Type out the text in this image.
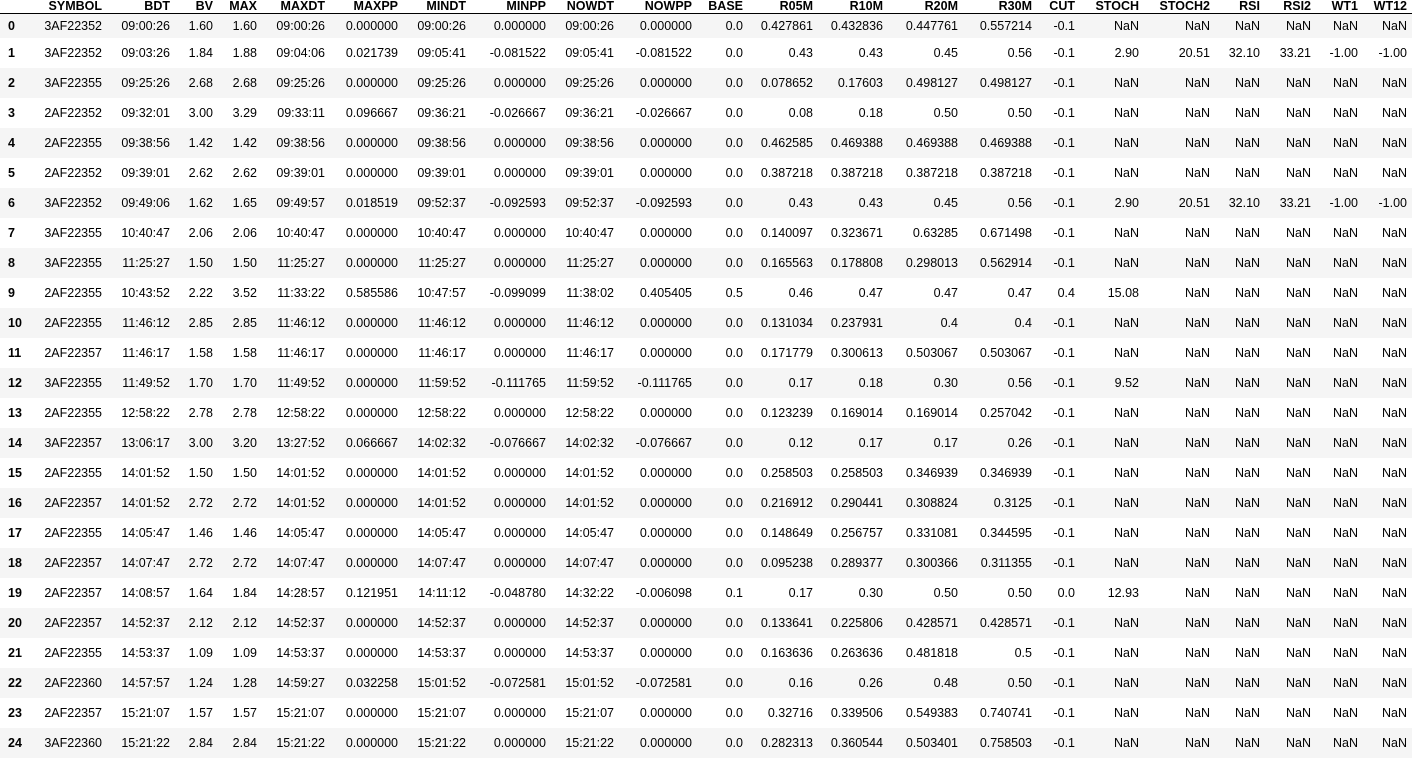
	SYMBOL	BDT	BV	MAX	MAXDT	MAXPP	MINDT	MINPP	NOWDT	NOWPP	BASE	R05M	R10M	R20M	R30M	CUT	STOCH	STOCH2	RSI	RSI2	WT1	WT12
0	3AF22352	09:00:26	1.60	1.60	09:00:26	0.000000	09:00:26	0.000000	09:00:26	0.000000	0.0	0.427861	0.432836	0.447761	0.557214	-0.1	NaN	NaN	NaN	NaN	NaN	NaN
1	3AF22352	09:03:26	1.84	1.88	09:04:06	0.021739	09:05:41	-0.081522	09:05:41	-0.081522	0.0	0.43	0.43	0.45	0.56	-0.1	2.90	20.51	32.10	33.21	-1.00	-1.00
2	3AF22355	09:25:26	2.68	2.68	09:25:26	0.000000	09:25:26	0.000000	09:25:26	0.000000	0.0	0.078652	0.17603	0.498127	0.498127	-0.1	NaN	NaN	NaN	NaN	NaN	NaN
3	2AF22352	09:32:01	3.00	3.29	09:33:11	0.096667	09:36:21	-0.026667	09:36:21	-0.026667	0.0	0.08	0.18	0.50	0.50	-0.1	NaN	NaN	NaN	NaN	NaN	NaN
4	2AF22355	09:38:56	1.42	1.42	09:38:56	0.000000	09:38:56	0.000000	09:38:56	0.000000	0.0	0.462585	0.469388	0.469388	0.469388	-0.1	NaN	NaN	NaN	NaN	NaN	NaN
5	2AF22352	09:39:01	2.62	2.62	09:39:01	0.000000	09:39:01	0.000000	09:39:01	0.000000	0.0	0.387218	0.387218	0.387218	0.387218	-0.1	NaN	NaN	NaN	NaN	NaN	NaN
6	3AF22352	09:49:06	1.62	1.65	09:49:57	0.018519	09:52:37	-0.092593	09:52:37	-0.092593	0.0	0.43	0.43	0.45	0.56	-0.1	2.90	20.51	32.10	33.21	-1.00	-1.00
7	3AF22355	10:40:47	2.06	2.06	10:40:47	0.000000	10:40:47	0.000000	10:40:47	0.000000	0.0	0.140097	0.323671	0.63285	0.671498	-0.1	NaN	NaN	NaN	NaN	NaN	NaN
8	3AF22355	11:25:27	1.50	1.50	11:25:27	0.000000	11:25:27	0.000000	11:25:27	0.000000	0.0	0.165563	0.178808	0.298013	0.562914	-0.1	NaN	NaN	NaN	NaN	NaN	NaN
9	2AF22355	10:43:52	2.22	3.52	11:33:22	0.585586	10:47:57	-0.099099	11:38:02	0.405405	0.5	0.46	0.47	0.47	0.47	0.4	15.08	NaN	NaN	NaN	NaN	NaN
10	2AF22355	11:46:12	2.85	2.85	11:46:12	0.000000	11:46:12	0.000000	11:46:12	0.000000	0.0	0.131034	0.237931	0.4	0.4	-0.1	NaN	NaN	NaN	NaN	NaN	NaN
11	2AF22357	11:46:17	1.58	1.58	11:46:17	0.000000	11:46:17	0.000000	11:46:17	0.000000	0.0	0.171779	0.300613	0.503067	0.503067	-0.1	NaN	NaN	NaN	NaN	NaN	NaN
12	3AF22355	11:49:52	1.70	1.70	11:49:52	0.000000	11:59:52	-0.111765	11:59:52	-0.111765	0.0	0.17	0.18	0.30	0.56	-0.1	9.52	NaN	NaN	NaN	NaN	NaN
13	2AF22355	12:58:22	2.78	2.78	12:58:22	0.000000	12:58:22	0.000000	12:58:22	0.000000	0.0	0.123239	0.169014	0.169014	0.257042	-0.1	NaN	NaN	NaN	NaN	NaN	NaN
14	3AF22357	13:06:17	3.00	3.20	13:27:52	0.066667	14:02:32	-0.076667	14:02:32	-0.076667	0.0	0.12	0.17	0.17	0.26	-0.1	NaN	NaN	NaN	NaN	NaN	NaN
15	2AF22355	14:01:52	1.50	1.50	14:01:52	0.000000	14:01:52	0.000000	14:01:52	0.000000	0.0	0.258503	0.258503	0.346939	0.346939	-0.1	NaN	NaN	NaN	NaN	NaN	NaN
16	2AF22357	14:01:52	2.72	2.72	14:01:52	0.000000	14:01:52	0.000000	14:01:52	0.000000	0.0	0.216912	0.290441	0.308824	0.3125	-0.1	NaN	NaN	NaN	NaN	NaN	NaN
17	2AF22355	14:05:47	1.46	1.46	14:05:47	0.000000	14:05:47	0.000000	14:05:47	0.000000	0.0	0.148649	0.256757	0.331081	0.344595	-0.1	NaN	NaN	NaN	NaN	NaN	NaN
18	2AF22357	14:07:47	2.72	2.72	14:07:47	0.000000	14:07:47	0.000000	14:07:47	0.000000	0.0	0.095238	0.289377	0.300366	0.311355	-0.1	NaN	NaN	NaN	NaN	NaN	NaN
19	2AF22357	14:08:57	1.64	1.84	14:28:57	0.121951	14:11:12	-0.048780	14:32:22	-0.006098	0.1	0.17	0.30	0.50	0.50	0.0	12.93	NaN	NaN	NaN	NaN	NaN
20	2AF22357	14:52:37	2.12	2.12	14:52:37	0.000000	14:52:37	0.000000	14:52:37	0.000000	0.0	0.133641	0.225806	0.428571	0.428571	-0.1	NaN	NaN	NaN	NaN	NaN	NaN
21	2AF22355	14:53:37	1.09	1.09	14:53:37	0.000000	14:53:37	0.000000	14:53:37	0.000000	0.0	0.163636	0.263636	0.481818	0.5	-0.1	NaN	NaN	NaN	NaN	NaN	NaN
22	2AF22360	14:57:57	1.24	1.28	14:59:27	0.032258	15:01:52	-0.072581	15:01:52	-0.072581	0.0	0.16	0.26	0.48	0.50	-0.1	NaN	NaN	NaN	NaN	NaN	NaN
23	2AF22357	15:21:07	1.57	1.57	15:21:07	0.000000	15:21:07	0.000000	15:21:07	0.000000	0.0	0.32716	0.339506	0.549383	0.740741	-0.1	NaN	NaN	NaN	NaN	NaN	NaN
24	3AF22360	15:21:22	2.84	2.84	15:21:22	0.000000	15:21:22	0.000000	15:21:22	0.000000	0.0	0.282313	0.360544	0.503401	0.758503	-0.1	NaN	NaN	NaN	NaN	NaN	NaN
